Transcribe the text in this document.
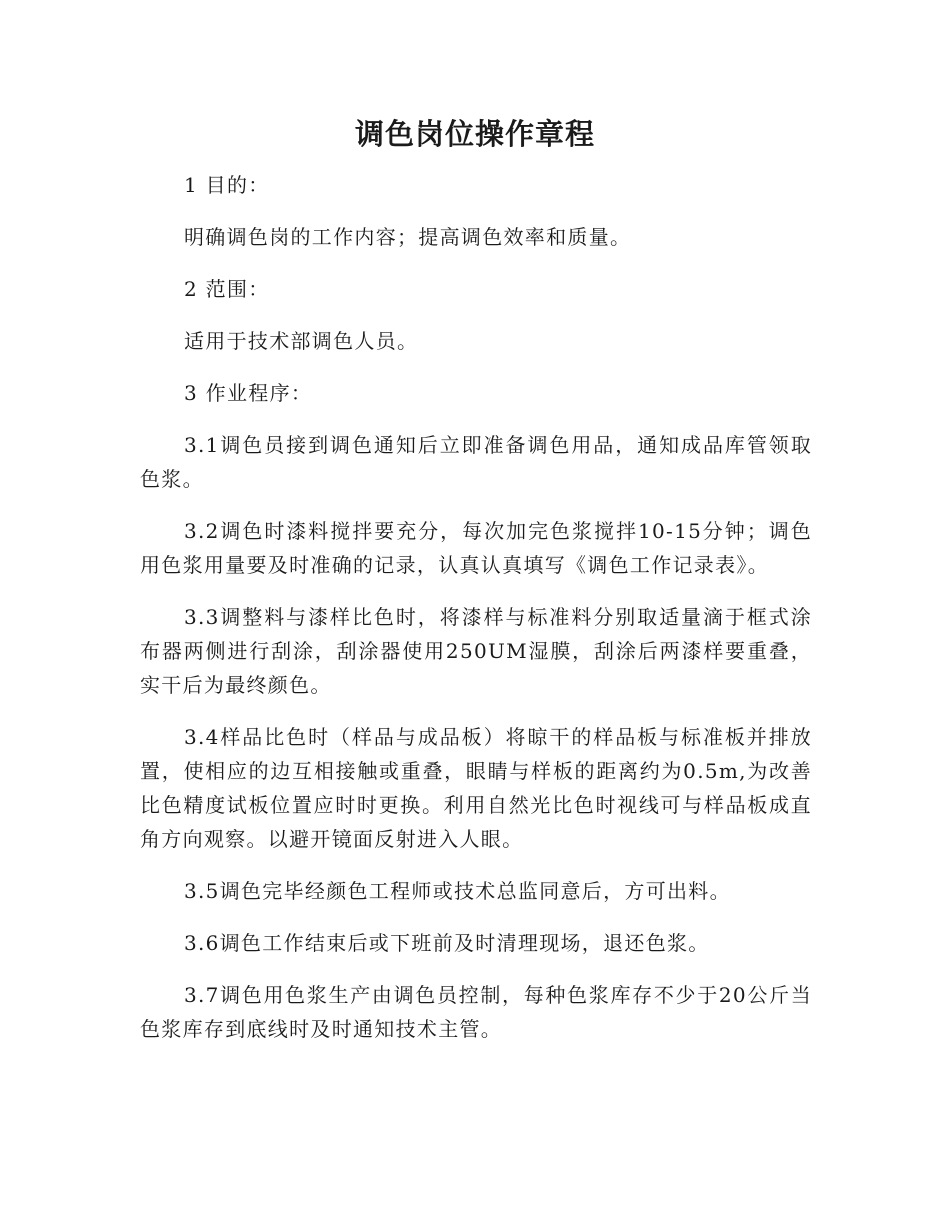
调色岗位操作章程

1 目的：

明确调色岗的工作内容；提高调色效率和质量。

2 范围：

适用于技术部调色人员。

3 作业程序：

3.1调色员接到调色通知后立即准备调色用品，通知成品库管领取色浆。

3.2调色时漆料搅拌要充分，每次加完色浆搅拌10-15分钟；调色用色浆用量要及时准确的记录，认真认真填写《调色工作记录表》。

3.3调整料与漆样比色时，将漆样与标准料分别取适量滴于框式涂布器两侧进行刮涂，刮涂器使用250UM湿膜，刮涂后两漆样要重叠，实干后为最终颜色。

3.4样品比色时（样品与成品板）将晾干的样品板与标准板并排放置，使相应的边互相接触或重叠，眼睛与样板的距离约为0.5m,为改善比色精度试板位置应时时更换。利用自然光比色时视线可与样品板成直角方向观察。以避开镜面反射进入人眼。

3.5调色完毕经颜色工程师或技术总监同意后，方可出料。

3.6调色工作结束后或下班前及时清理现场，退还色浆。

3.7调色用色浆生产由调色员控制，每种色浆库存不少于20公斤当色浆库存到底线时及时通知技术主管。
